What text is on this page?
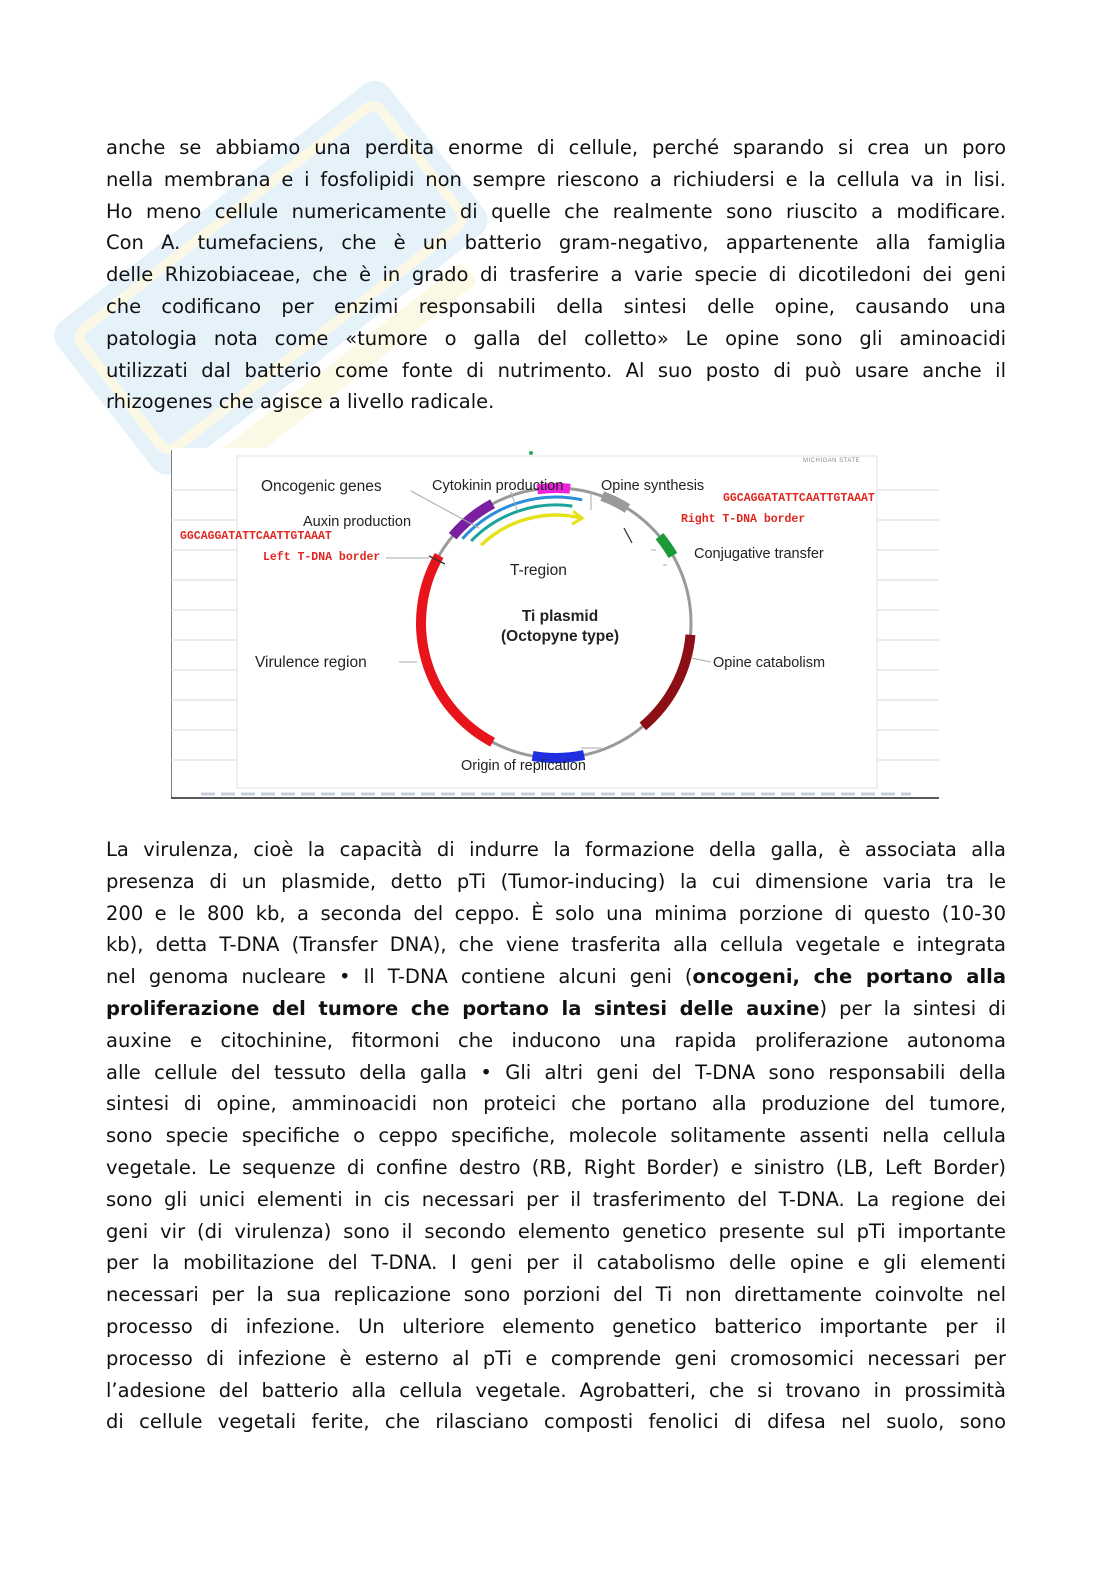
anche se abbiamo una perdita enorme di cellule, perché sparando si crea un poro
nella membrana e i fosfolipidi non sempre riescono a richiudersi e la cellula va in lisi.
Ho meno cellule numericamente di quelle che realmente sono riuscito a modificare.
Con A. tumefaciens, che è un batterio gram-negativo, appartenente alla famiglia
delle Rhizobiaceae, che è in grado di trasferire a varie specie di dicotiledoni dei geni
che codificano per enzimi responsabili della sintesi delle opine, causando una
patologia nota come «tumore o galla del colletto» Le opine sono gli aminoacidi
utilizzati dal batterio come fonte di nutrimento. Al suo posto di può usare anche il
rhizogenes che agisce a livello radicale.
MICHIGAN STATE
Oncogenic genes	Cytokinin production	Opine synthesis
Auxin production
T-region
Conjugative transfer
Virulence region	Opine catabolism
Origin of replication
Ti plasmid
(Octopyne type)
GGCAGGATATTCAATTGTAAAT
Right T-DNA border
GGCAGGATATTCAATTGTAAAT
Left T-DNA border
La virulenza, cioè la capacità di indurre la formazione della galla, è associata alla
presenza di un plasmide, detto pTi (Tumor-inducing) la cui dimensione varia tra le
200 e le 800 kb, a seconda del ceppo. È solo una minima porzione di questo (10-30
kb), detta T-DNA (Transfer DNA), che viene trasferita alla cellula vegetale e integrata
nel genoma nucleare • Il T-DNA contiene alcuni geni (oncogeni, che portano alla
proliferazione del tumore che portano la sintesi delle auxine) per la sintesi di
auxine e citochinine, fitormoni che inducono una rapida proliferazione autonoma
alle cellule del tessuto della galla • Gli altri geni del T-DNA sono responsabili della
sintesi di opine, amminoacidi non proteici che portano alla produzione del tumore,
sono specie specifiche o ceppo specifiche, molecole solitamente assenti nella cellula
vegetale. Le sequenze di confine destro (RB, Right Border) e sinistro (LB, Left Border)
sono gli unici elementi in cis necessari per il trasferimento del T-DNA. La regione dei
geni vir (di virulenza) sono il secondo elemento genetico presente sul pTi importante
per la mobilitazione del T-DNA. I geni per il catabolismo delle opine e gli elementi
necessari per la sua replicazione sono porzioni del Ti non direttamente coinvolte nel
processo di infezione. Un ulteriore elemento genetico batterico importante per il
processo di infezione è esterno al pTi e comprende geni cromosomici necessari per
l’adesione del batterio alla cellula vegetale. Agrobatteri, che si trovano in prossimità
di cellule vegetali ferite, che rilasciano composti fenolici di difesa nel suolo, sono
